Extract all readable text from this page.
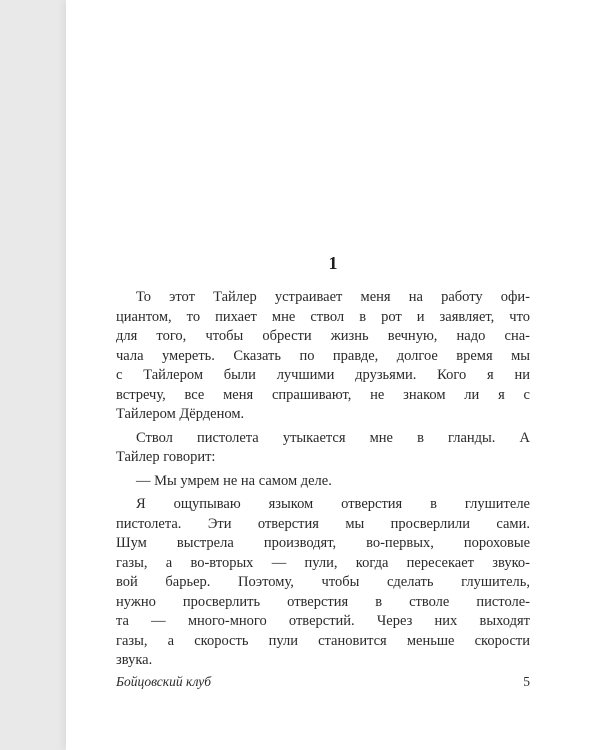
1
То этот Тайлер устраивает меня на работу офи-
циантом, то пихает мне ствол в рот и заявляет, что
для того, чтобы обрести жизнь вечную, надо сна-
чала умереть. Сказать по правде, долгое время мы
с Тайлером были лучшими друзьями. Кого я ни
встречу, все меня спрашивают, не знаком ли я с
Тайлером Дёрденом.
Ствол пистолета утыкается мне в гланды. А
Тайлер говорит:
— Мы умрем не на самом деле.
Я ощупываю языком отверстия в глушителе
пистолета. Эти отверстия мы просверлили сами.
Шум выстрела производят, во-первых, пороховые
газы, а во-вторых — пули, когда пересекает звуко-
вой барьер. Поэтому, чтобы сделать глушитель,
нужно просверлить отверстия в стволе пистоле-
та — много-много отверстий. Через них выходят
газы, а скорость пули становится меньше скорости
звука.
Бойцовский клуб	5
